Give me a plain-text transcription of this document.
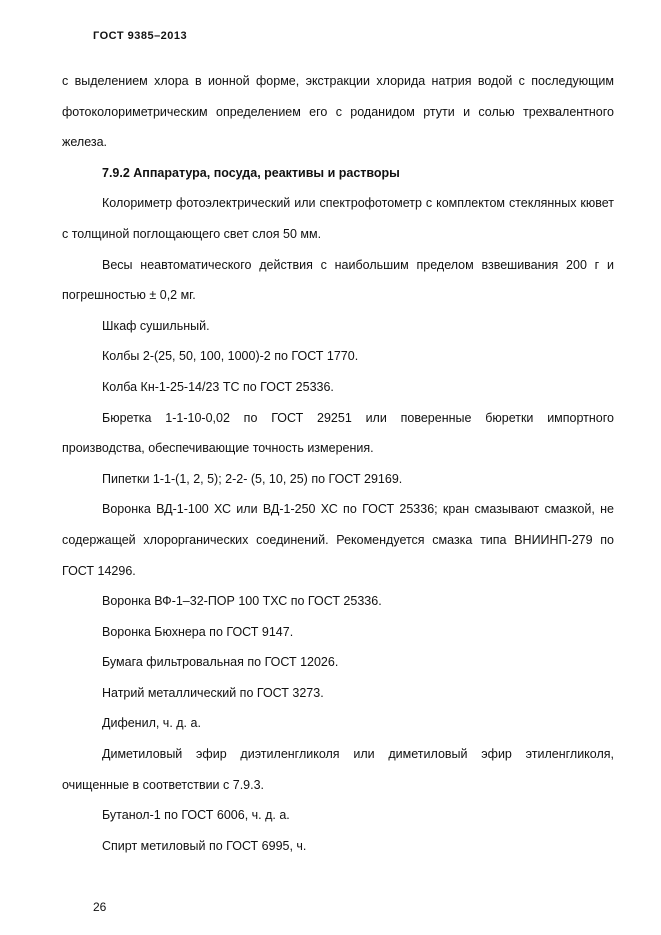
ГОСТ 9385–2013

с выделением хлора в ионной форме, экстракции хлорида натрия водой с последующим фотоколориметрическим определением его с роданидом ртути и солью трехвалентного железа.

7.9.2 Аппаратура, посуда, реактивы и растворы

Колориметр фотоэлектрический или спектрофотометр с комплектом стеклянных кювет с толщиной поглощающего свет слоя 50 мм.

Весы неавтоматического действия с наибольшим пределом взвешивания 200 г и погрешностью ± 0,2 мг.

Шкаф сушильный.

Колбы 2-(25, 50, 100, 1000)-2 по ГОСТ 1770.

Колба Кн-1-25-14/23 ТС по ГОСТ 25336.

Бюретка 1-1-10-0,02 по ГОСТ 29251 или поверенные бюретки импортного производства, обеспечивающие точность измерения.

Пипетки 1-1-(1, 2, 5); 2-2- (5, 10, 25) по ГОСТ 29169.

Воронка ВД-1-100 ХС или ВД-1-250 ХС по ГОСТ 25336; кран смазывают смазкой, не содержащей хлорорганических соединений. Рекомендуется смазка типа ВНИИНП-279 по ГОСТ 14296.

Воронка ВФ-1–32-ПОР 100 ТХС по ГОСТ 25336.

Воронка Бюхнера по ГОСТ 9147.

Бумага фильтровальная по ГОСТ 12026.

Натрий металлический по ГОСТ 3273.

Дифенил, ч. д. а.

Диметиловый эфир диэтиленгликоля или диметиловый эфир этиленгликоля, очищенные в соответствии с 7.9.3.

Бутанол-1 по ГОСТ 6006, ч. д. а.

Спирт метиловый по ГОСТ 6995, ч.

26
